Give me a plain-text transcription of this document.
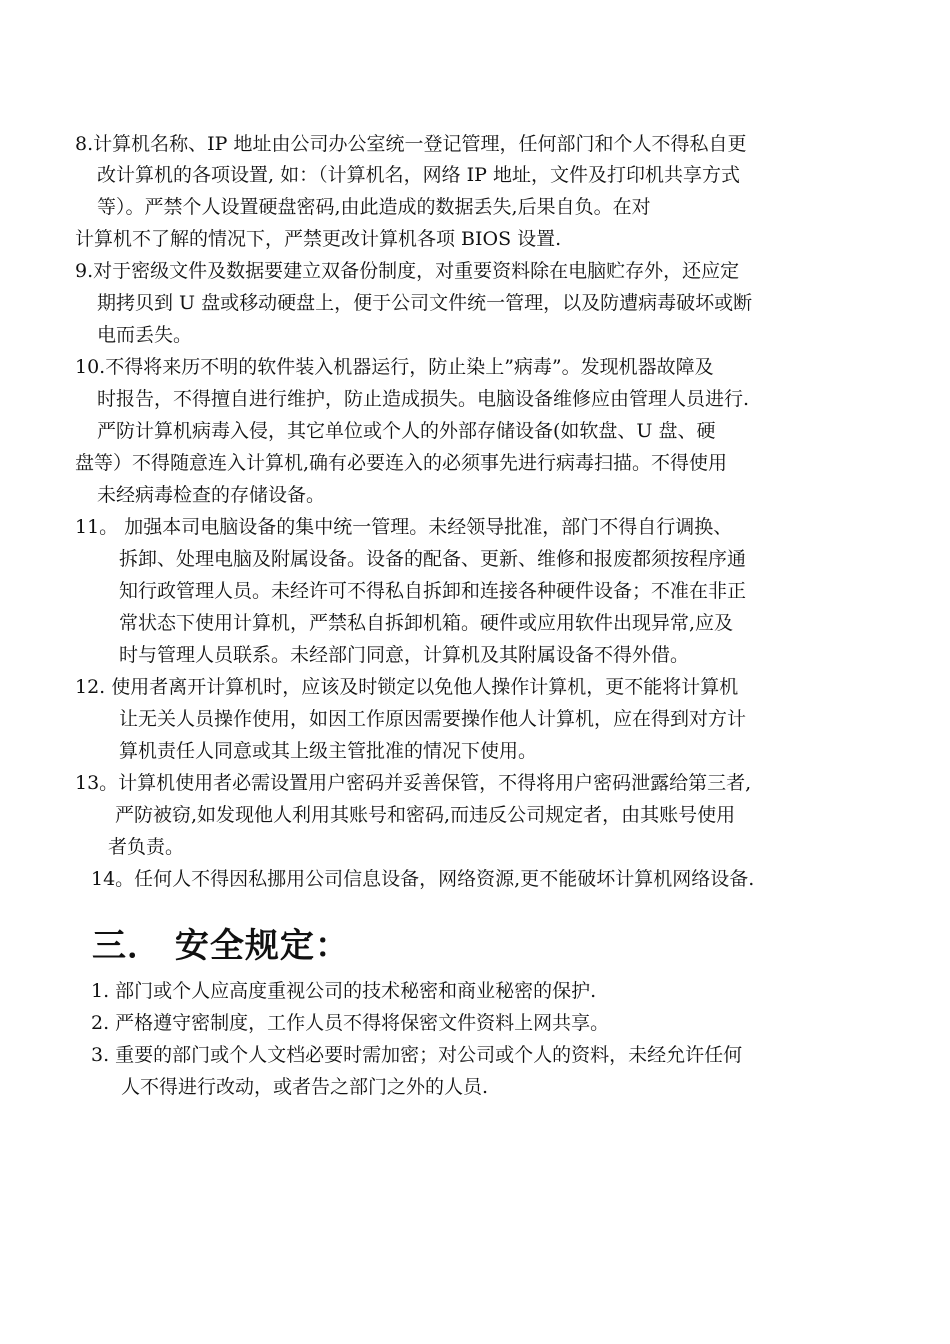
8.计算机名称、IP 地址由公司办公室统一登记管理，任何部门和个人不得私自更
改计算机的各项设置, 如：（计算机名，网络 IP 地址，文件及打印机共享方式
等）。严禁个人设置硬盘密码,由此造成的数据丢失,后果自负。在对
计算机不了解的情况下，严禁更改计算机各项 BIOS 设置.
9.对于密级文件及数据要建立双备份制度，对重要资料除在电脑贮存外，还应定
期拷贝到 U 盘或移动硬盘上，便于公司文件统一管理，以及防遭病毒破坏或断
电而丢失。
10.不得将来历不明的软件装入机器运行，防止染上”病毒”。发现机器故障及
时报告，不得擅自进行维护，防止造成损失。电脑设备维修应由管理人员进行.
严防计算机病毒入侵，其它单位或个人的外部存储设备(如软盘、U 盘、硬
盘等）不得随意连入计算机,确有必要连入的必须事先进行病毒扫描。不得使用
未经病毒检查的存储设备。
11。 加强本司电脑设备的集中统一管理。未经领导批准，部门不得自行调换、
拆卸、处理电脑及附属设备。设备的配备、更新、维修和报废都须按程序通
知行政管理人员。未经许可不得私自拆卸和连接各种硬件设备；不准在非正
常状态下使用计算机，严禁私自拆卸机箱。硬件或应用软件出现异常,应及
时与管理人员联系。未经部门同意，计算机及其附属设备不得外借。
12. 使用者离开计算机时，应该及时锁定以免他人操作计算机，更不能将计算机
让无关人员操作使用，如因工作原因需要操作他人计算机，应在得到对方计
算机责任人同意或其上级主管批准的情况下使用。
13。计算机使用者必需设置用户密码并妥善保管，不得将用户密码泄露给第三者,
严防被窃,如发现他人利用其账号和密码,而违反公司规定者，由其账号使用
者负责。
14。任何人不得因私挪用公司信息设备，网络资源,更不能破坏计算机网络设备.
三． 安全规定：
1. 部门或个人应高度重视公司的技术秘密和商业秘密的保护.
2. 严格遵守密制度，工作人员不得将保密文件资料上网共享。
3. 重要的部门或个人文档必要时需加密；对公司或个人的资料，未经允许任何
人不得进行改动，或者告之部门之外的人员.
